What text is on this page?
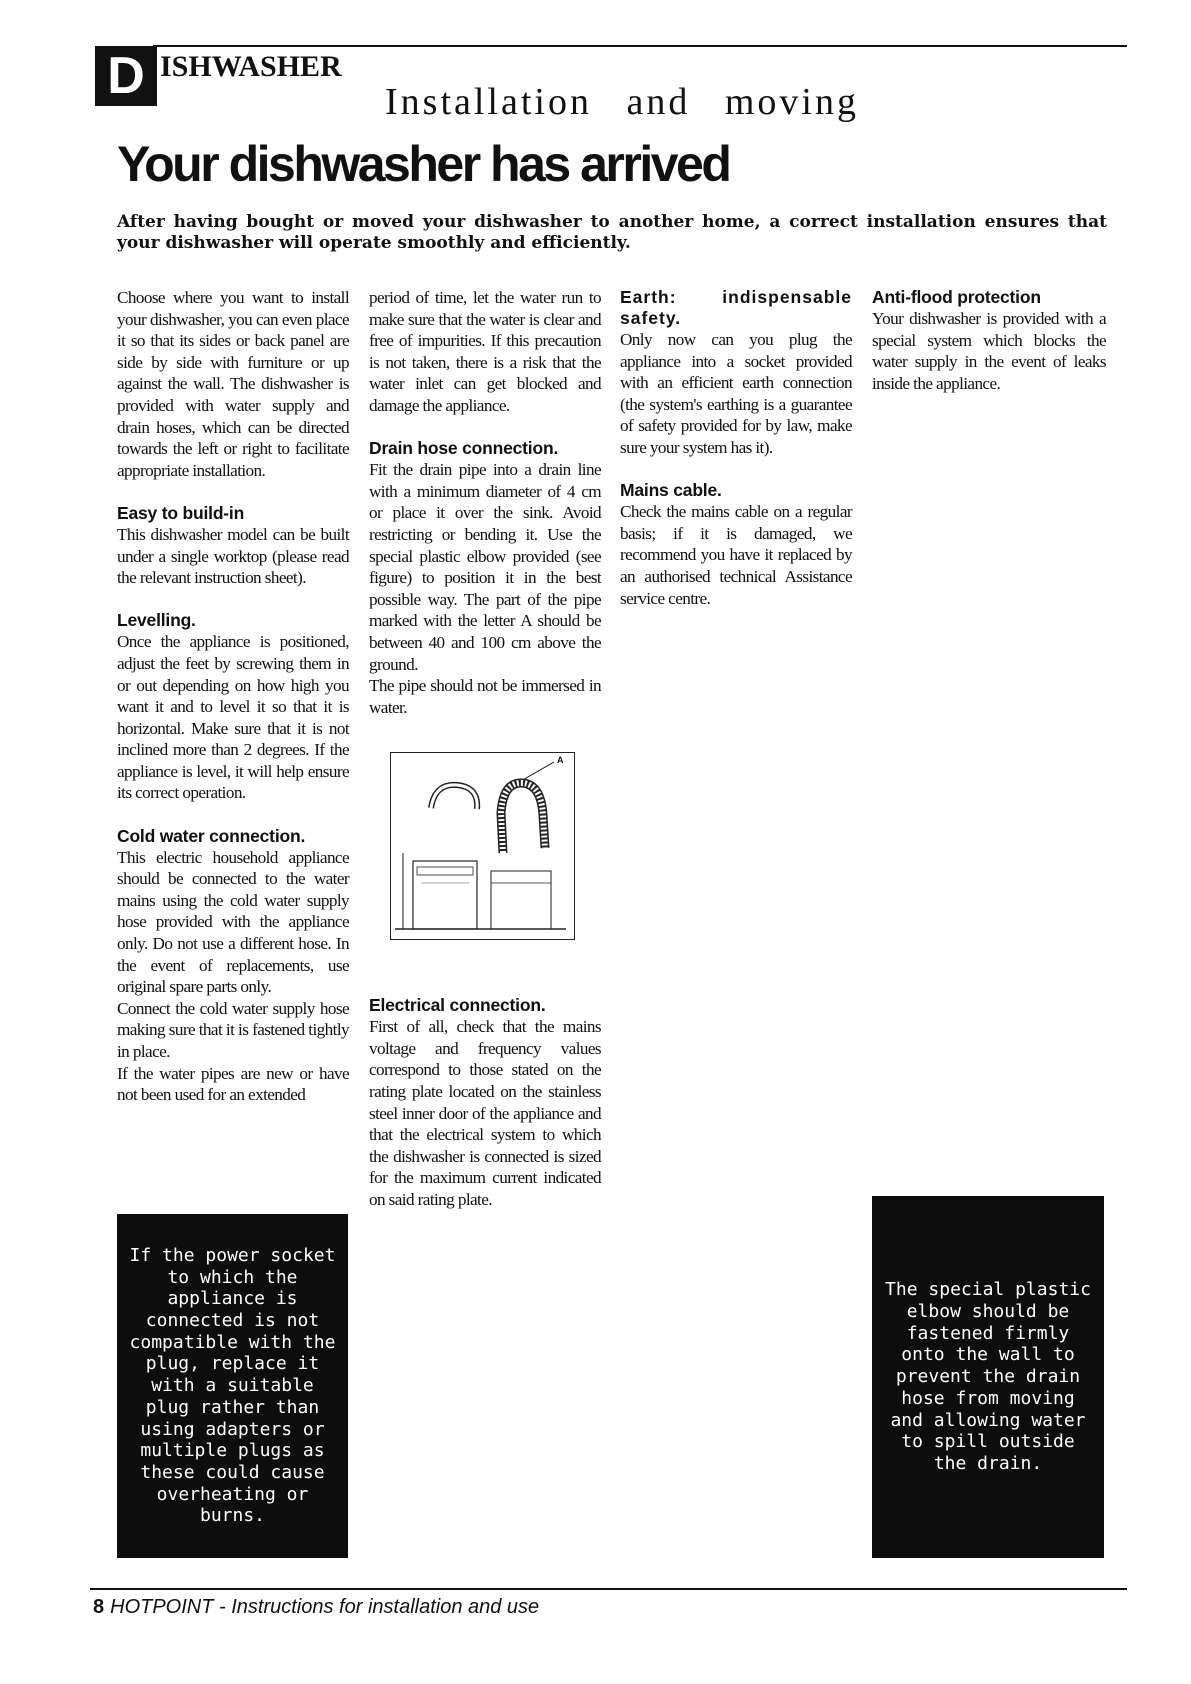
D ISHWASHER
Installation and moving
Your dishwasher has arrived
After having bought or moved your dishwasher to another home, a correct installation ensures that your dishwasher will operate smoothly and efficiently.

Choose where you want to install your dishwasher, you can even place it so that its sides or back panel are side by side with furniture or up against the wall. The dishwasher is provided with water supply and drain hoses, which can be directed towards the left or right to facilitate appropriate installation.

Easy to build-in

This dishwasher model can be built under a single worktop (please read the relevant instruction sheet).

Levelling.

Once the appliance is positioned, adjust the feet by screwing them in or out depending on how high you want it and to level it so that it is horizontal. Make sure that it is not inclined more than 2 degrees. If the appliance is level, it will help ensure its correct operation.

Cold water connection.

This electric household appliance should be connected to the water mains using the cold water supply hose provided with the appliance only. Do not use a different hose. In the event of replacements, use original spare parts only.

Connect the cold water supply hose making sure that it is fastened tightly in place.

If the water pipes are new or have not been used for an extended

period of time, let the water run to make sure that the water is clear and free of impurities. If this precaution is not taken, there is a risk that the water inlet can get blocked and damage the appliance.

Drain hose connection.

Fit the drain pipe into a drain line with a minimum diameter of 4 cm or place it over the sink. Avoid restricting or bending it. Use the special plastic elbow provided (see figure) to position it in the best possible way. The part of the pipe marked with the letter A should be between 40 and 100 cm above the ground.

The pipe should not be immersed in water.

Electrical connection.

First of all, check that the mains voltage and frequency values correspond to those stated on the rating plate located on the stainless steel inner door of the appliance and that the electrical system to which the dishwasher is connected is sized for the maximum current indicated on said rating plate.

A
Earth: indispensable safety.

Only now can you plug the appliance into a socket provided with an efficient earth connection (the system's earthing is a guarantee of safety provided for by law, make sure your system has it).

Mains cable.

Check the mains cable on a regular basis; if it is damaged, we recommend you have it replaced by an authorised technical Assistance service centre.

Anti-flood protection

Your dishwasher is provided with a special system which blocks the water supply in the event of leaks inside the appliance.

If the power socket to which the appliance is connected is not compatible with the plug, replace it with a suitable plug rather than using adapters or multiple plugs as these could cause overheating or burns.
The special plastic elbow should be fastened firmly onto the wall to prevent the drain hose from moving and allowing water to spill outside the drain.
8 HOTPOINT - Instructions for installation and use
